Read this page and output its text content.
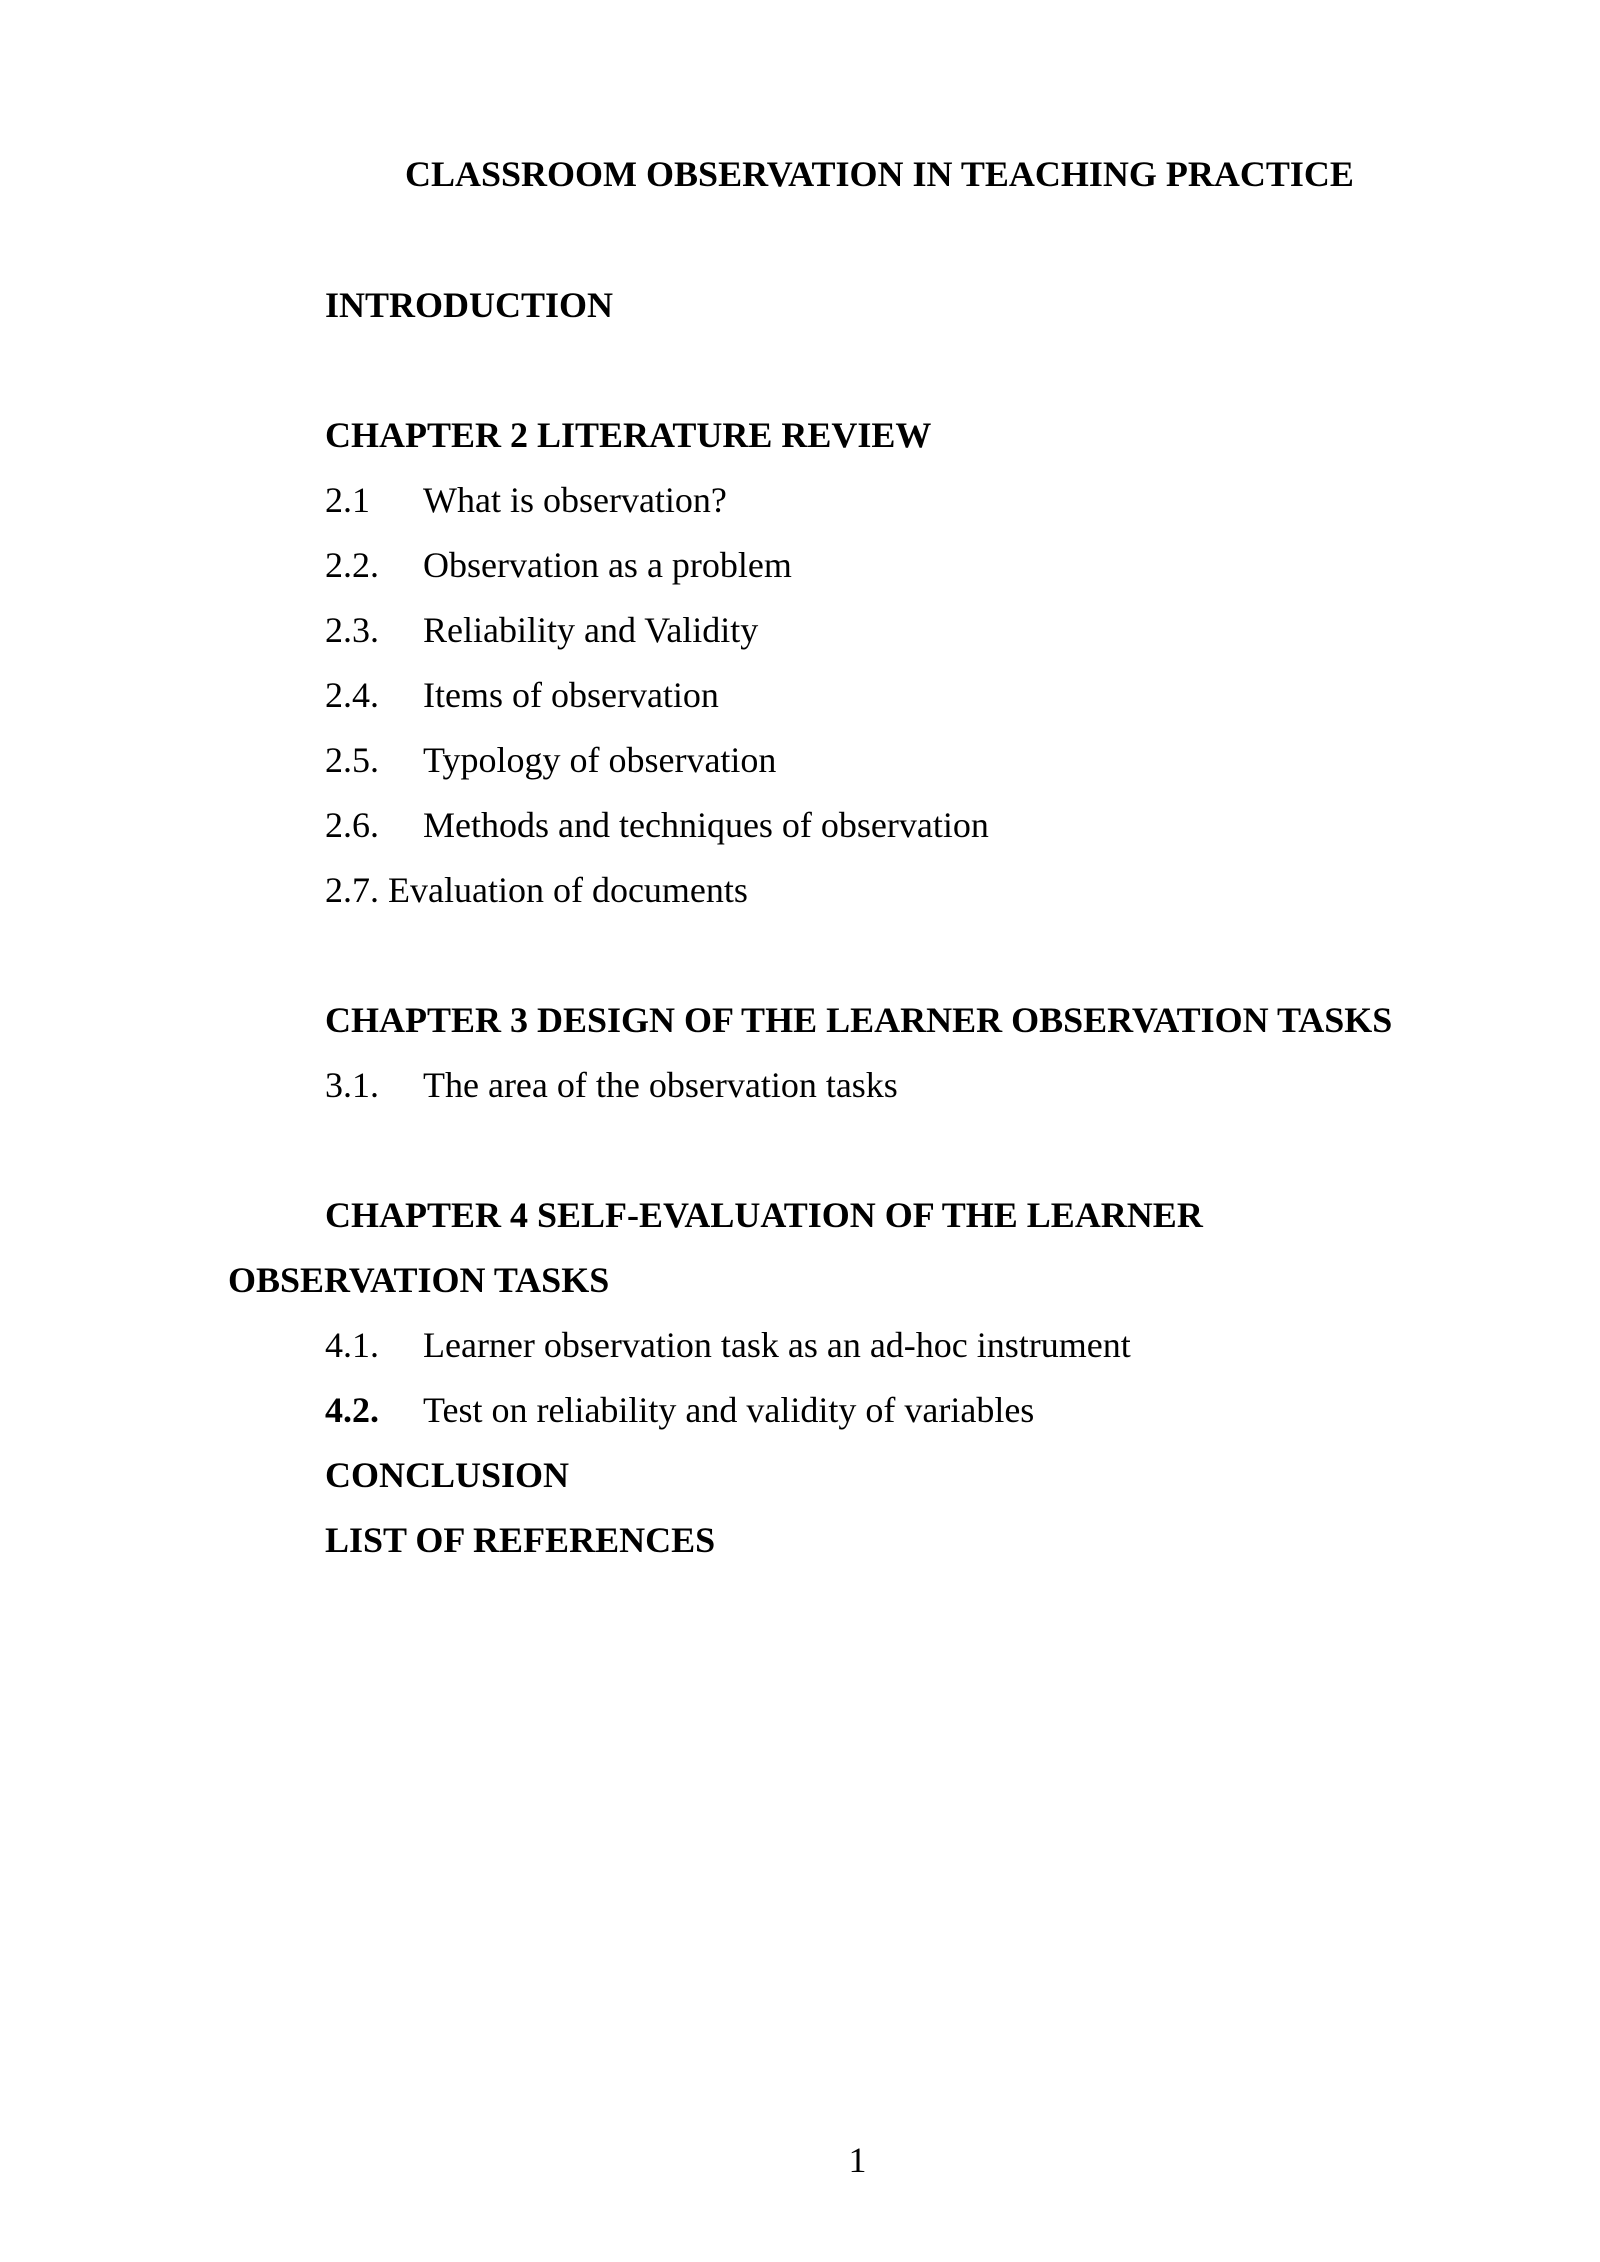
CLASSROOM OBSERVATION IN TEACHING PRACTICE
INTRODUCTION
CHAPTER 2 LITERATURE REVIEW
2.1 What is observation?
2.2. Observation as a problem
2.3. Reliability and Validity
2.4. Items of observation
2.5. Typology of observation
2.6. Methods and techniques of observation
2.7. Evaluation of documents
CHAPTER 3 DESIGN OF THE LEARNER OBSERVATION TASKS
3.1. The area of the observation tasks
CHAPTER 4 SELF-EVALUATION OF THE LEARNER
OBSERVATION TASKS
4.1. Learner observation task as an ad-hoc instrument
4.2. Test on reliability and validity of variables
CONCLUSION
LIST OF REFERENCES
1
